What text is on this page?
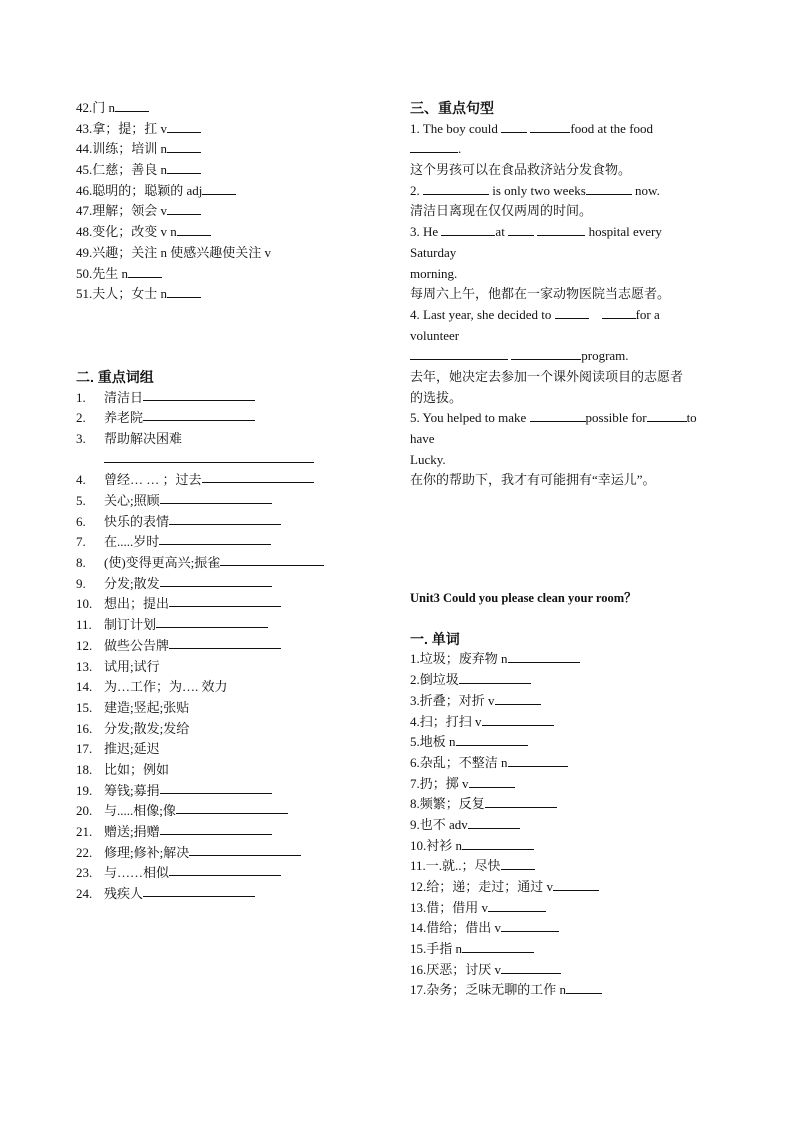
42.门 n
43.拿；提；扛 v
44.训练；培训 n
45.仁慈；善良 n
46.聪明的；聪颖的 adj
47.理解；领会 v
48.变化；改变 v n
49.兴趣；关注 n 使感兴趣使关注 v
50.先生 n
51.夫人；女士 n
二. 重点词组
1.	清洁日
2.	养老院
3.	帮助解决困难
4.	曾经… … ；过去
5.	关心;照顾
6.	快乐的表情
7.	在.....岁时
8.	(使)变得更高兴;振雀
9.	分发;散发
10. 想出；提出
11. 制订计划
12. 做些公告牌
13. 试用;试行
14. 为…工作；为…. 效力
15. 建造;竖起;张贴
16. 分发;散发;发给
17. 推迟;延迟
18. 比如；例如
19. 筹钱;募捐
20. 与.....相像;像
21. 赠送;捐赠
22. 修理;修补;解决
23. 与……相似
24. 残疾人
三、重点句型
1. The boy could	food at the food
.
这个男孩可以在食品救济站分发食物。
2.	is only two weeks	now.
清洁日离现在仅仅两周的时间。
3. He	at	hospital every
Saturday
morning.
每周六上午，他都在一家动物医院当志愿者。
4. Last year, she decided to	for a
volunteer
program.
去年，她决定去参加一个课外阅读项目的志愿者
的选拔。
5. You helped to make	possible for	to
have
Lucky.
在你的帮助下，我才有可能拥有“幸运儿”。
Unit3 Could you please clean your room？
一. 单词
1.垃圾；废弃物 n
2.倒垃圾
3.折叠；对折 v
4.扫；打扫 v
5.地板 n
6.杂乱；不整洁 n
7.扔；掷 v
8.频繁；反复
9.也不 adv
10.衬衫 n
11.一.就..；尽快
12.给；递；走过；通过 v
13.借；借用 v
14.借给；借出 v
15.手指 n
16.厌恶；讨厌 v
17.杂务；乏味无聊的工作 n
